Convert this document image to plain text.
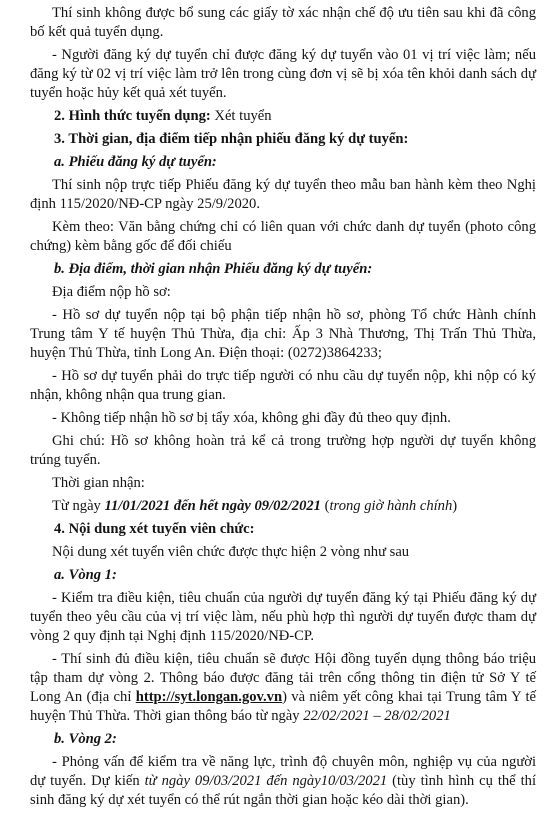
Thí sinh không được bổ sung các giấy tờ xác nhận chế độ ưu tiên sau khi đã công bố kết quả tuyển dụng.

- Người đăng ký dự tuyển chỉ được đăng ký dự tuyển vào 01 vị trí việc làm; nếu đăng ký từ 02 vị trí việc làm trở lên trong cùng đơn vị sẽ bị xóa tên khỏi danh sách dự tuyển hoặc hủy kết quả xét tuyển.

2. Hình thức tuyển dụng: Xét tuyển

3. Thời gian, địa điểm tiếp nhận phiếu đăng ký dự tuyển:

a. Phiếu đăng ký dự tuyển:

Thí sinh nộp trực tiếp Phiếu đăng ký dự tuyển theo mẫu ban hành kèm theo Nghị định 115/2020/NĐ-CP ngày 25/9/2020.

Kèm theo: Văn bằng chứng chỉ có liên quan với chức danh dự tuyển (photo công chứng) kèm bằng gốc để đối chiếu

b. Địa điểm, thời gian nhận Phiếu đăng ký dự tuyển:

Địa điểm nộp hồ sơ:

- Hồ sơ dự tuyển nộp tại bộ phận tiếp nhận hồ sơ, phòng Tổ chức Hành chính Trung tâm Y tế huyện Thủ Thừa, địa chỉ: Ấp 3 Nhà Thương, Thị Trấn Thủ Thừa, huyện Thủ Thừa, tỉnh Long An. Điện thoại: (0272)3864233;

- Hồ sơ dự tuyển phải do trực tiếp người có nhu cầu dự tuyển nộp, khi nộp có ký nhận, không nhận qua trung gian.

- Không tiếp nhận hồ sơ bị tẩy xóa, không ghi đầy đủ theo quy định.

Ghi chú: Hồ sơ không hoàn trả kể cả trong trường hợp người dự tuyển không trúng tuyển.

Thời gian nhận:

Từ ngày 11/01/2021 đến hết ngày 09/02/2021 (trong giờ hành chính)

4. Nội dung xét tuyển viên chức:

Nội dung xét tuyển viên chức được thực hiện 2 vòng như sau

a. Vòng 1:

- Kiểm tra điều kiện, tiêu chuẩn của người dự tuyển đăng ký tại Phiếu đăng ký dự tuyển theo yêu cầu của vị trí việc làm, nếu phù hợp thì người dự tuyển được tham dự vòng 2 quy định tại Nghị định 115/2020/NĐ-CP.

- Thí sinh đủ điều kiện, tiêu chuẩn sẽ được Hội đồng tuyển dụng thông báo triệu tập tham dự vòng 2. Thông báo được đăng tải trên cổng thông tin điện tử Sở Y tế Long An (địa chỉ http://syt.longan.gov.vn) và niêm yết công khai tại Trung tâm Y tế huyện Thủ Thừa. Thời gian thông báo từ ngày 22/02/2021 – 28/02/2021

b. Vòng 2:

- Phỏng vấn để kiểm tra về năng lực, trình độ chuyên môn, nghiệp vụ của người dự tuyển. Dự kiến từ ngày 09/03/2021 đến ngày10/03/2021 (tùy tình hình cụ thể thí sinh đăng ký dự xét tuyển có thể rút ngắn thời gian hoặc kéo dài thời gian).
